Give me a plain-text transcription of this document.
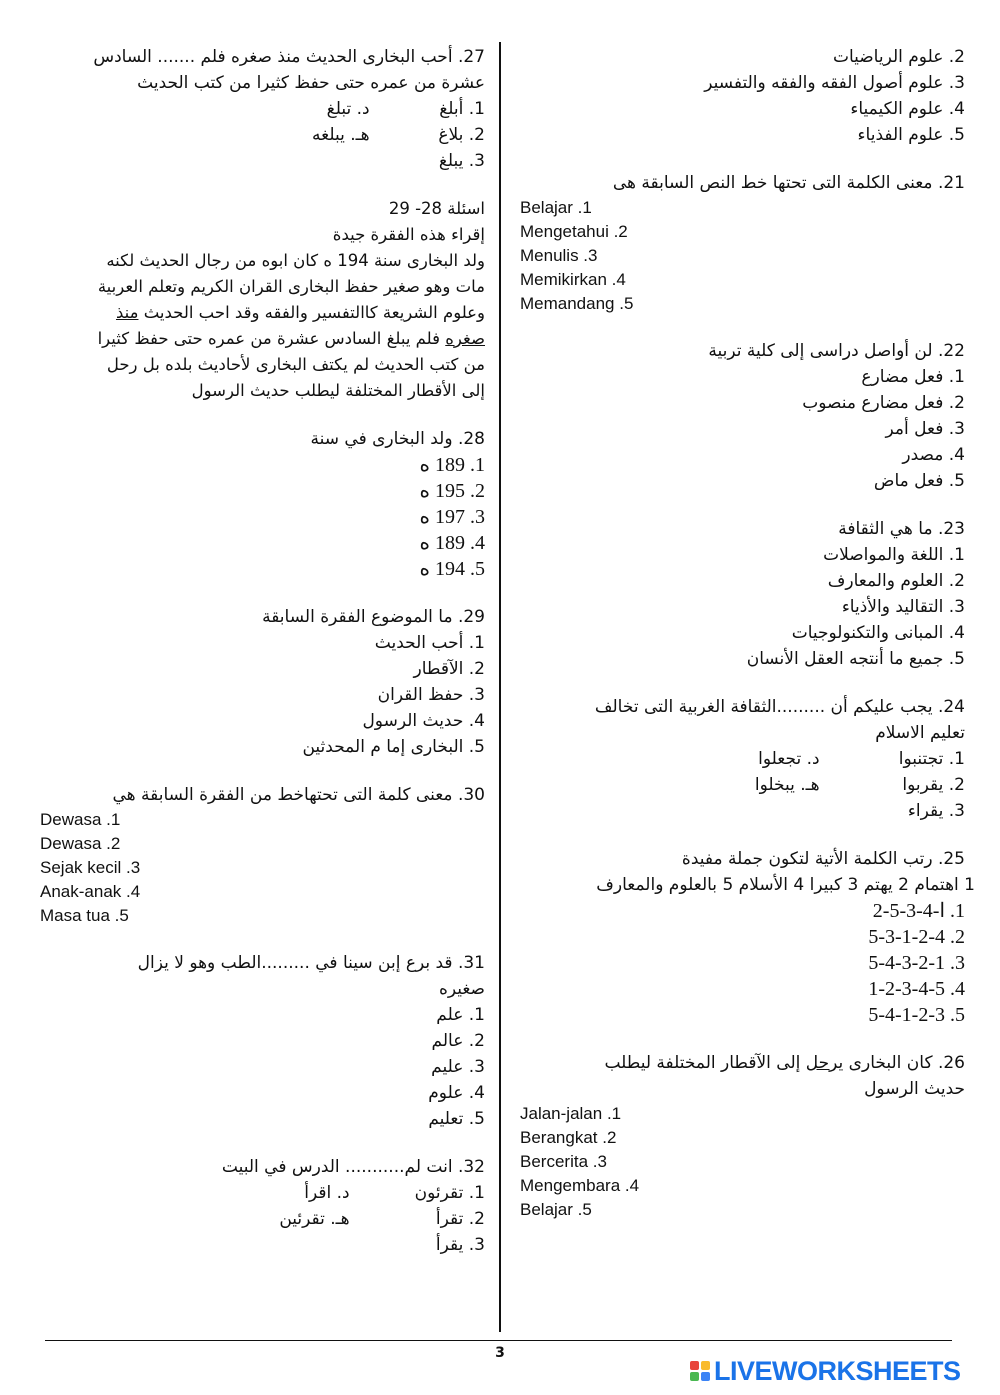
27. أحب البخارى الحديث منذ صغره فلم ....... السادس
عشرة من عمره حتى حفظ كثيرا من كتب الحديث
1. أبلغ د. تبلغ
2. بلاغ هـ. يبلغه
3. يبلغ
اسئلة 28- 29
إقراء هذه الفقرة جيدة
ولد البخارى سنة 194 ه كان ابوه من رجال الحديث لكنه
مات وهو صغير حفظ البخارى القران الكريم وتعلم العربية
وعلوم الشريعة كاالتفسير والفقه وقد احب الحديث منذ
صغره فلم يبلغ السادس عشرة من عمره حتى حفظ كثيرا
من كتب الحديث لم يكتف البخارى لأحاديث بلده بل رحل
إلى الأقطار المختلفة ليطلب حديث الرسول
28. ولد البخارى في سنة
1. 189 ه
2. 195 ه
3. 197 ه
4. 189 ه
5. 194 ه
29. ما الموضوع الفقرة السابقة
1. أحب الحديث
2. الآقطار
3. حفظ القران
4. حديث الرسول
5. البخارى إما م المحدثين
30. معنى كلمة التى تحتهاخط من الفقرة السابقة هي
Dewasa .1
Dewasa .2
Sejak kecil .3
Anak-anak .4
Masa tua .5
31. قد برع إبن سينا في .........الطب وهو لا يزال
صغيره
1. علم
2. عالم
3. عليم
4. علوم
5. تعليم
32. انت لم........... الدرس في البيت
1. تقرئون د. اقرأ
2. تقرأ هـ. تقرئين
3. يقرأ
2. علوم الرياضيات
3. علوم أصول الفقه والفقه والتفسير
4. علوم الكيمياء
5. علوم الفذياء
21. معنى الكلمة التى تحتها خط النص السابقة هى
Belajar .1
Mengetahui .2
Menulis .3
Memikirkan .4
Memandang .5
22. لن أواصل دراسى إلى كلية تربية
1. فعل مضارع
2. فعل مضارع منصوب
3. فعل أمر
4. مصدر
5. فعل ماض
23. ما هي الثقافة
1. اللغة والمواصلات
2. العلوم والمعارف
3. التقاليد والأذياء
4. المبانى والتكنولوجيات
5. جميع ما أنتجه العقل الأنسان
24. يجب عليكم أن .........الثقافة الغربية التى تخالف
تعليم الاسلام
1. تجتنبوا د. تجعلوا
2. يقربوا هـ. يبخلوا
3. يقراء
25. رتب الكلمة الأتية لتكون جملة مفيدة
1 اهتمام 2 يهتم 3 كبيرا 4 الأسلام 5 بالعلوم والمعارف
1. ا-4-3-5-2
2. 5-3-1-2-4
3. 5-4-3-2-1
4. 1-2-3-4-5
5. 5-4-1-2-3
26. كان البخارى يرحل إلى الآقطار المختلفة ليطلب
حديث الرسول
Jalan-jalan .1
Berangkat .2
Bercerita .3
Mengembara .4
Belajar .5
3
LIVEWORKSHEETS
